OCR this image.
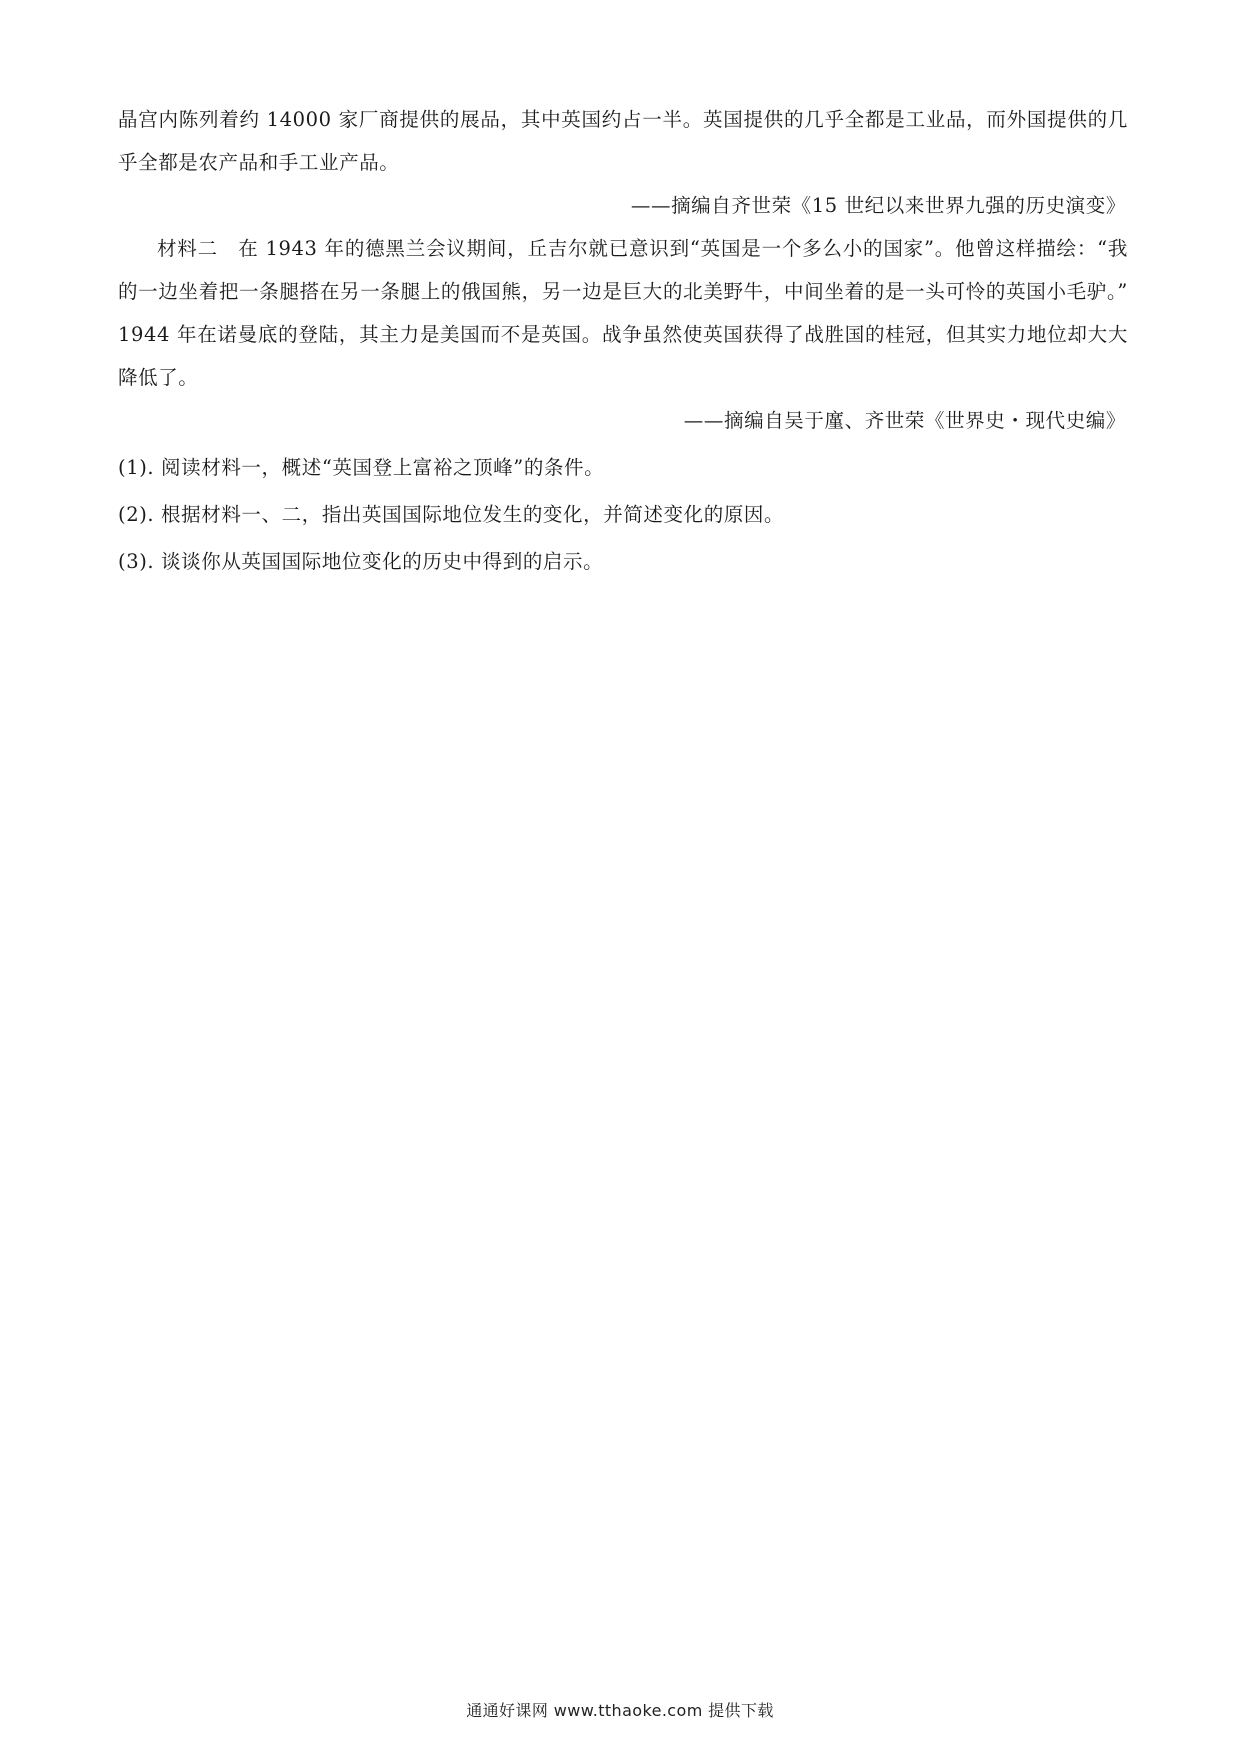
晶宫内陈列着约 14000 家厂商提供的展品，其中英国约占一半。英国提供的几乎全都是工业品，而外国提供的几乎全都是农产品和手工业产品。

——摘编自齐世荣《15 世纪以来世界九强的历史演变》

材料二　在 1943 年的德黑兰会议期间，丘吉尔就已意识到“英国是一个多么小的国家”。他曾这样描绘：“我的一边坐着把一条腿搭在另一条腿上的俄国熊，另一边是巨大的北美野牛，中间坐着的是一头可怜的英国小毛驴。” 1944 年在诺曼底的登陆，其主力是美国而不是英国。战争虽然使英国获得了战胜国的桂冠，但其实力地位却大大降低了。

——摘编自吴于廑、齐世荣《世界史・现代史编》

(1). 阅读材料一，概述“英国登上富裕之顶峰”的条件。

(2). 根据材料一、二，指出英国国际地位发生的变化，并简述变化的原因。

(3). 谈谈你从英国国际地位变化的历史中得到的启示。

通通好课网 www.tthaoke.com 提供下载
